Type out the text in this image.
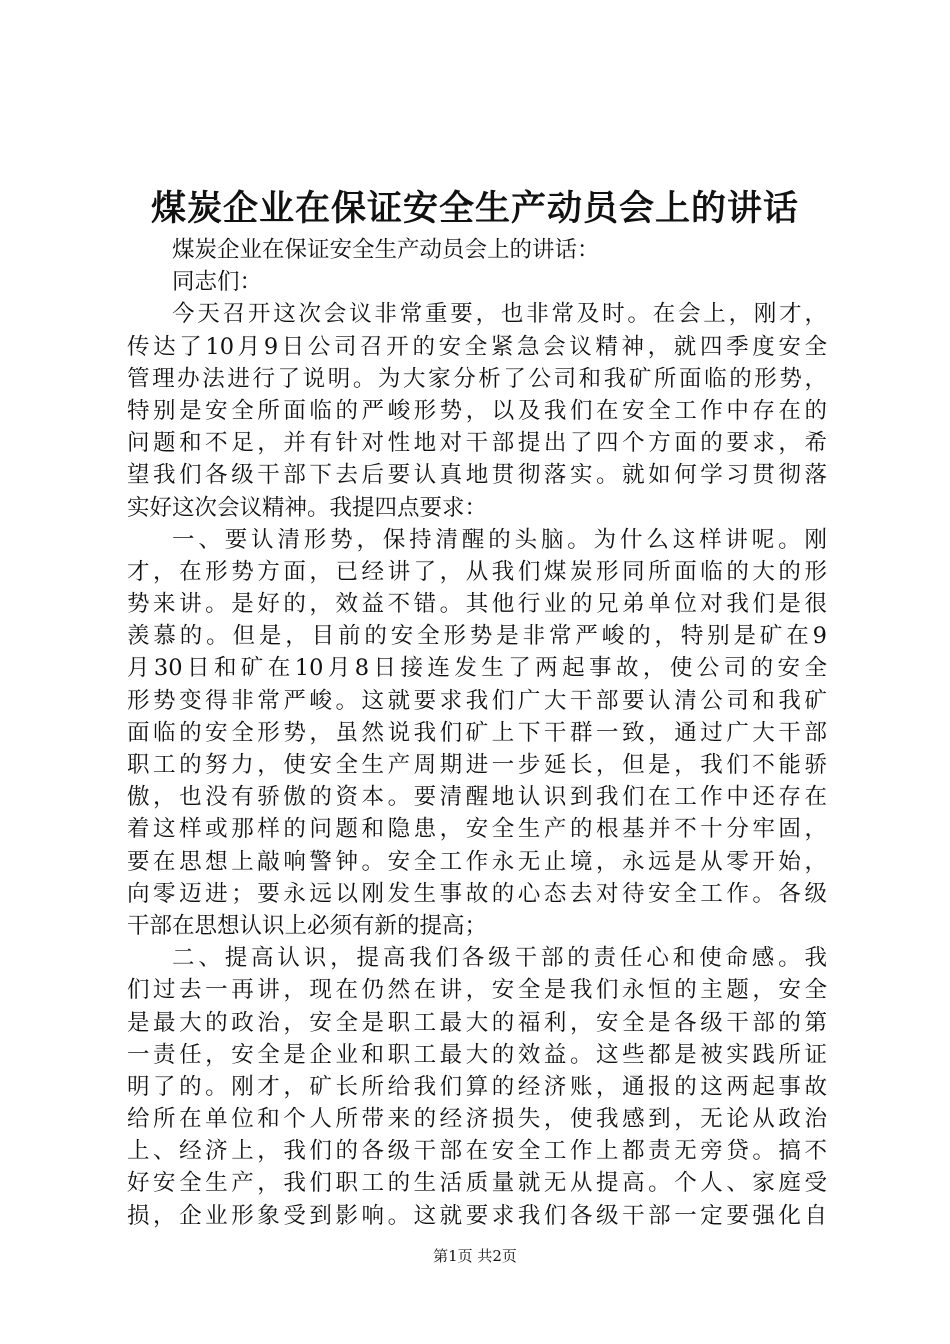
煤炭企业在保证安全生产动员会上的讲话
煤炭企业在保证安全生产动员会上的讲话：
同志们：
今天召开这次会议非常重要，也非常及时。在会上，刚才，
传达了10月9日公司召开的安全紧急会议精神，就四季度安全
管理办法进行了说明。为大家分析了公司和我矿所面临的形势，
特别是安全所面临的严峻形势，以及我们在安全工作中存在的
问题和不足，并有针对性地对干部提出了四个方面的要求，希
望我们各级干部下去后要认真地贯彻落实。就如何学习贯彻落
实好这次会议精神。我提四点要求：
一、要认清形势，保持清醒的头脑。为什么这样讲呢。刚
才，在形势方面，已经讲了，从我们煤炭形同所面临的大的形
势来讲。是好的，效益不错。其他行业的兄弟单位对我们是很
羡慕的。但是，目前的安全形势是非常严峻的，特别是矿在9
月30日和矿在10月8日接连发生了两起事故，使公司的安全
形势变得非常严峻。这就要求我们广大干部要认清公司和我矿
面临的安全形势，虽然说我们矿上下干群一致，通过广大干部
职工的努力，使安全生产周期进一步延长，但是，我们不能骄
傲，也没有骄傲的资本。要清醒地认识到我们在工作中还存在
着这样或那样的问题和隐患，安全生产的根基并不十分牢固，
要在思想上敲响警钟。安全工作永无止境，永远是从零开始，
向零迈进；要永远以刚发生事故的心态去对待安全工作。各级
干部在思想认识上必须有新的提高；
二、提高认识，提高我们各级干部的责任心和使命感。我
们过去一再讲，现在仍然在讲，安全是我们永恒的主题，安全
是最大的政治，安全是职工最大的福利，安全是各级干部的第
一责任，安全是企业和职工最大的效益。这些都是被实践所证
明了的。刚才，矿长所给我们算的经济账，通报的这两起事故
给所在单位和个人所带来的经济损失，使我感到，无论从政治
上、经济上，我们的各级干部在安全工作上都责无旁贷。搞不
好安全生产，我们职工的生活质量就无从提高。个人、家庭受
损，企业形象受到影响。这就要求我们各级干部一定要强化自
第1页 共2页
